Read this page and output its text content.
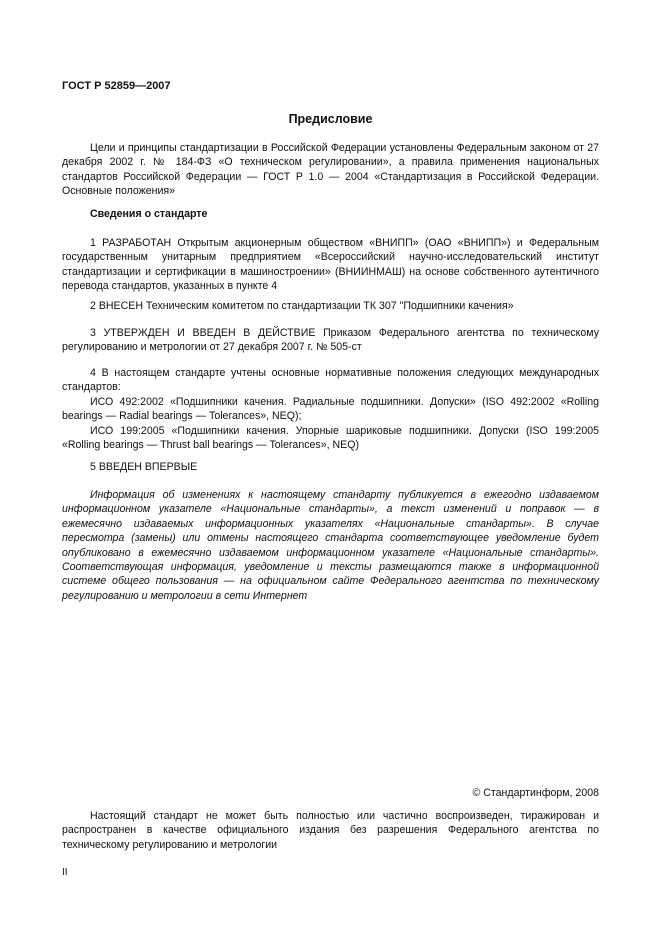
ГОСТ Р 52859—2007
Предисловие

Цели и принципы стандартизации в Российской Федерации установлены Федеральным законом от 27 декабря 2002 г. № 184-ФЗ «О техническом регулировании», а правила применения национальных стандартов Российской Федерации — ГОСТ Р 1.0 — 2004 «Стандартизация в Российской Федерации. Основные положения»

Сведения о стандарте

1 РАЗРАБОТАН Открытым акционерным обществом «ВНИПП» (ОАО «ВНИПП») и Федеральным государственным унитарным предприятием «Всероссийский научно-исследовательский институт стандартизации и сертификации в машиностроении» (ВНИИНМАШ) на основе собственного аутентичного перевода стандартов, указанных в пункте 4

2 ВНЕСЕН Техническим комитетом по стандартизации ТК 307 "Подшипники качения»

3 УТВЕРЖДЕН И ВВЕДЕН В ДЕЙСТВИЕ Приказом Федерального агентства по техническому регулированию и метрологии от 27 декабря 2007 г. № 505-ст

4 В настоящем стандарте учтены основные нормативные положения следующих международных стандартов:

ИСО 492:2002 «Подшипники качения. Радиальные подшипники. Допуски» (ISO 492:2002 «Rolling bearings — Radial bearings — Tolerances», NEQ);

ИСО 199:2005 «Подшипники качения. Упорные шариковые подшипники. Допуски (ISO 199:2005 «Rolling bearings — Thrust ball bearings — Tolerances», NEQ)

5 ВВЕДЕН ВПЕРВЫЕ

Информация об изменениях к настоящему стандарту публикуется в ежегодно издаваемом информационном указателе «Национальные стандарты», а текст изменений и поправок — в ежемесячно издаваемых информационных указателях «Национальные стандарты». В случае пересмотра (замены) или отмены настоящего стандарта соответствующее уведомление будет опубликовано в ежемесячно издаваемом информационном указателе «Национальные стандарты». Соответствующая информация, уведомление и тексты размещаются также в информационной системе общего пользования — на официальном сайте Федерального агентства по техническому регулированию и метрологии в сети Интернет

© Стандартинформ, 2008

Настоящий стандарт не может быть полностью или частично воспроизведен, тиражирован и распространен в качестве официального издания без разрешения Федерального агентства по техническому регулированию и метрологии

II
